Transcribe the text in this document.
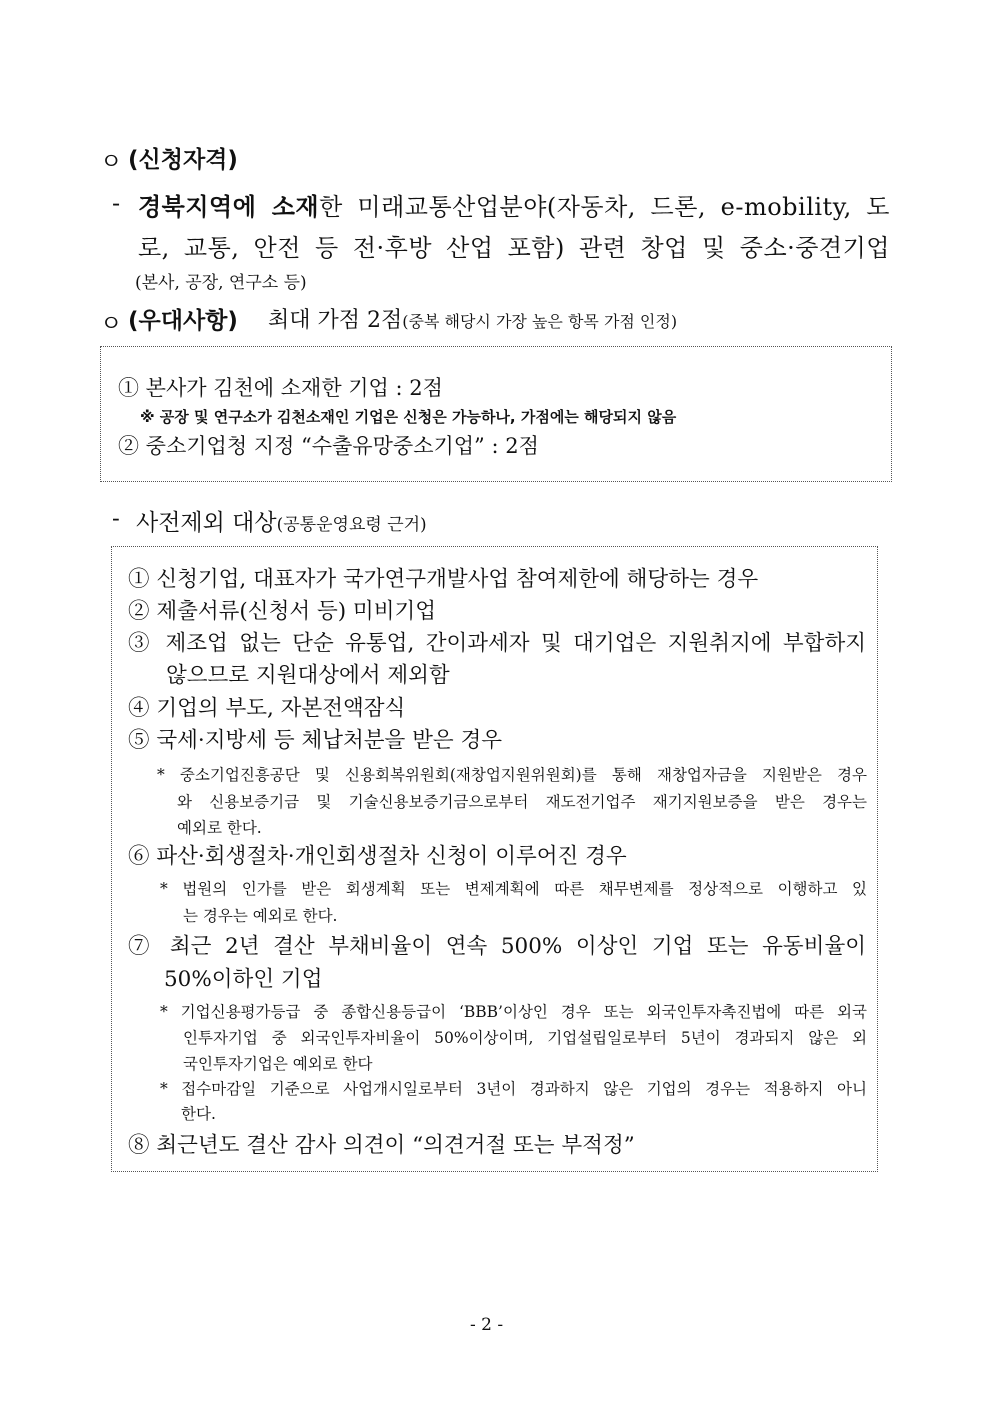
ㅇ (신청자격)
- 경북지역에 소재한 미래교통산업분야(자동차, 드론, e-mobility, 도
로, 교통, 안전 등 전·후방 산업 포함) 관련 창업 및 중소·중견기업
(본사, 공장, 연구소 등)
ㅇ (우대사항) 최대 가점 2점(중복 해당시 가장 높은 항목 가점 인정)
① 본사가 김천에 소재한 기업 : 2점
※ 공장 및 연구소가 김천소재인 기업은 신청은 가능하나, 가점에는 해당되지 않음
② 중소기업청 지정 “수출유망중소기업” : 2점
- 사전제외 대상(공통운영요령 근거)
① 신청기업, 대표자가 국가연구개발사업 참여제한에 해당하는 경우
② 제출서류(신청서 등) 미비기업
③ 제조업 없는 단순 유통업, 간이과세자 및 대기업은 지원취지에 부합하지
않으므로 지원대상에서 제외함
④ 기업의 부도, 자본전액잠식
⑤ 국세·지방세 등 체납처분을 받은 경우
* 중소기업진흥공단 및 신용회복위원회(재창업지원위원회)를 통해 재창업자금을 지원받은 경우
와 신용보증기금 및 기술신용보증기금으로부터 재도전기업주 재기지원보증을 받은 경우는
예외로 한다.
⑥ 파산·회생절차·개인회생절차 신청이 이루어진 경우
* 법원의 인가를 받은 회생계획 또는 변제계획에 따른 채무변제를 정상적으로 이행하고 있
는 경우는 예외로 한다.
⑦ 최근 2년 결산 부채비율이 연속 500% 이상인 기업 또는 유동비율이
50%이하인 기업
* 기업신용평가등급 중 종합신용등급이 ‘BBB’이상인 경우 또는 외국인투자촉진법에 따른 외국
인투자기업 중 외국인투자비율이 50%이상이며, 기업설립일로부터 5년이 경과되지 않은 외
국인투자기업은 예외로 한다
* 접수마감일 기준으로 사업개시일로부터 3년이 경과하지 않은 기업의 경우는 적용하지 아니
한다.
⑧ 최근년도 결산 감사 의견이 “의견거절 또는 부적정”
- 2 -
